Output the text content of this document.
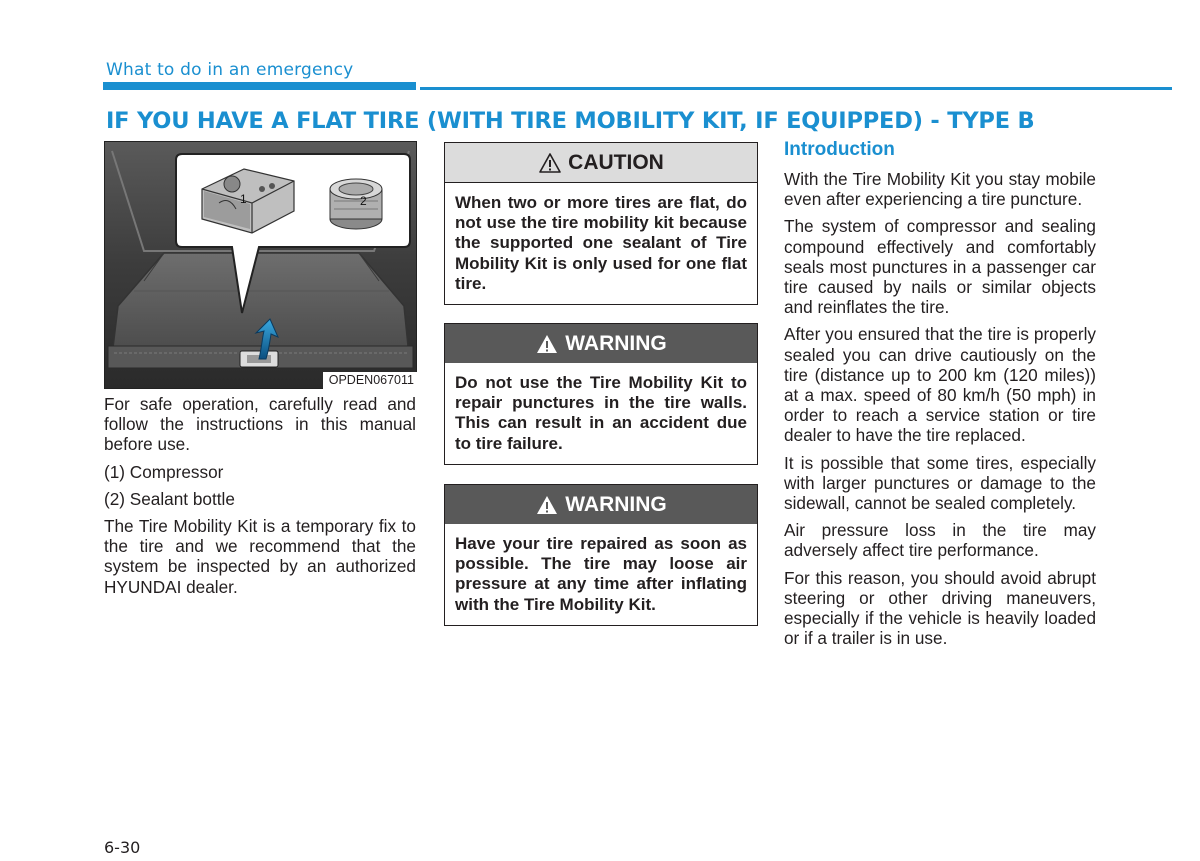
What to do in an emergency
IF YOU HAVE A FLAT TIRE (WITH TIRE MOBILITY KIT, IF EQUIPPED) - TYPE B
1	2
OPDEN067011

For safe operation, carefully read and follow the instructions in this manual before use.

(1) Compressor

(2) Sealant bottle

The Tire Mobility Kit is a temporary fix to the tire and we recommend that the system be inspected by an authorized HYUNDAI dealer.

CAUTION
When two or more tires are flat, do not use the tire mobility kit because the supported one sealant of Tire Mobility Kit is only used for one flat tire.
WARNING
Do not use the Tire Mobility Kit to repair punctures in the tire walls. This can result in an accident due to tire failure.
WARNING
Have your tire repaired as soon as possible. The tire may loose air pressure at any time after inflating with the Tire Mobility Kit.
Introduction

With the Tire Mobility Kit you stay mobile even after experiencing a tire puncture.

The system of compressor and sealing compound effectively and comfortably seals most punctures in a passenger car tire caused by nails or similar objects and reinflates the tire.

After you ensured that the tire is properly sealed you can drive cautiously on the tire (distance up to 200 km (120 miles)) at a max. speed of 80 km/h (50 mph) in order to reach a service station or tire dealer to have the tire replaced.

It is possible that some tires, especially with larger punctures or damage to the sidewall, cannot be sealed completely.

Air pressure loss in the tire may adversely affect tire performance.

For this reason, you should avoid abrupt steering or other driving maneuvers, especially if the vehicle is heavily loaded or if a trailer is in use.

6-30
